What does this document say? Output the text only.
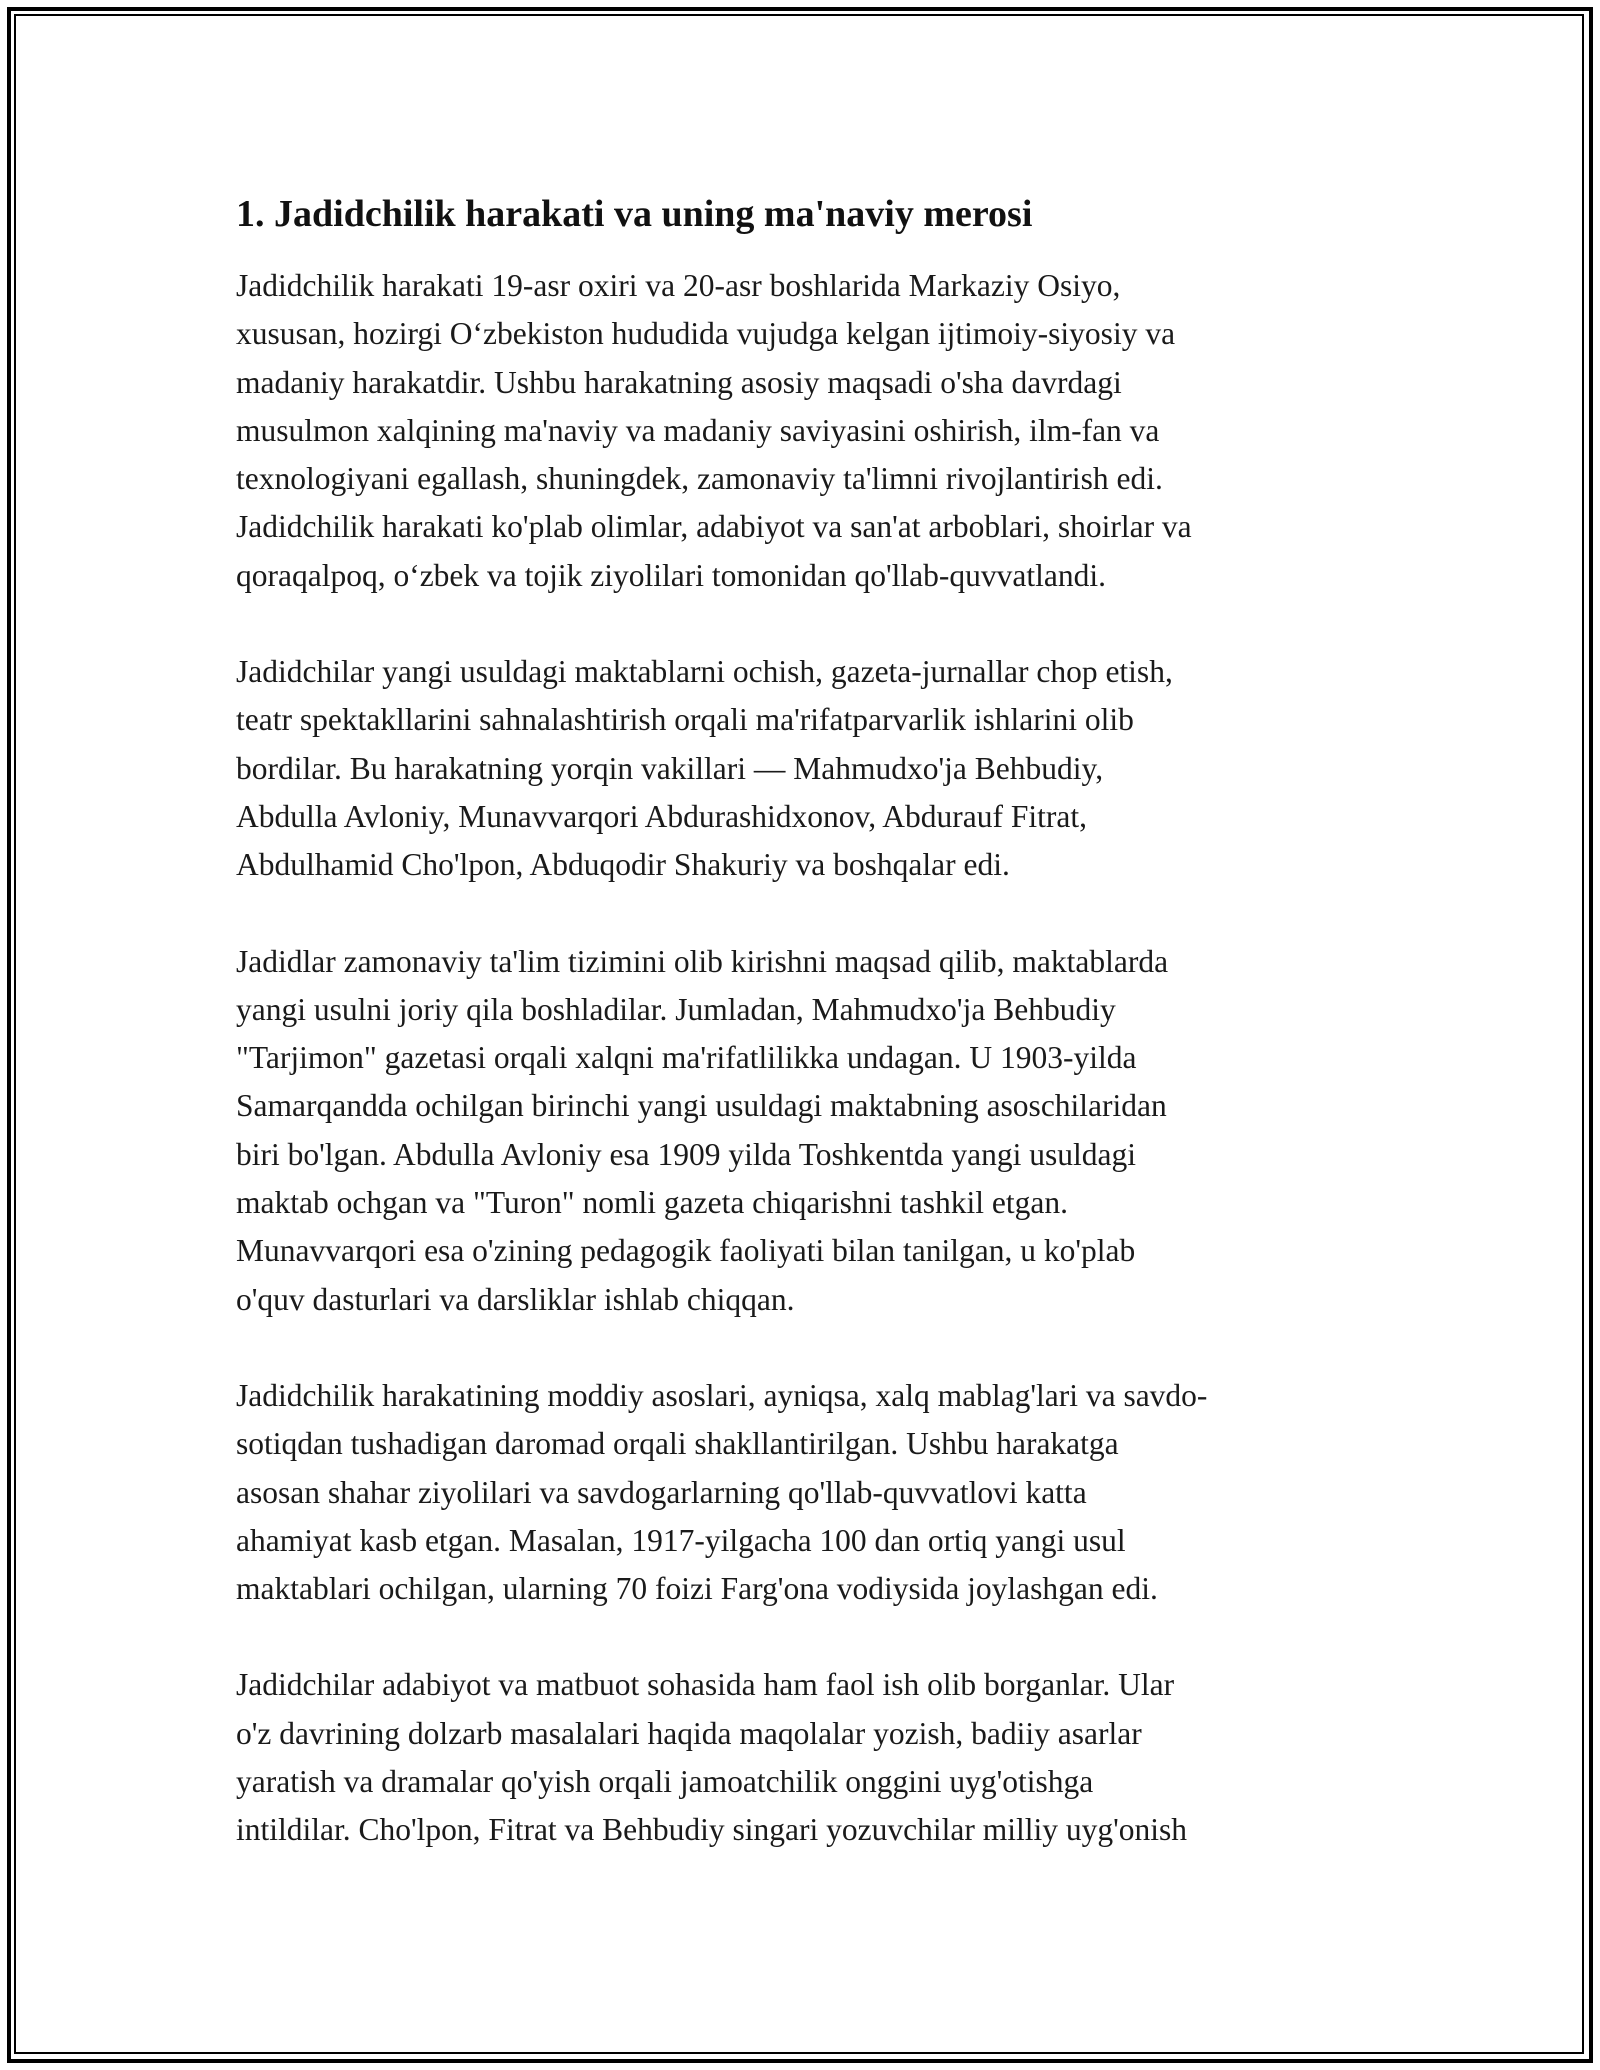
1. Jadidchilik harakati va uning ma'naviy merosi

Jadidchilik harakati 19-asr oxiri va 20-asr boshlarida Markaziy Osiyo,
xususan, hozirgi O‘zbekiston hududida vujudga kelgan ijtimoiy-siyosiy va
madaniy harakatdir. Ushbu harakatning asosiy maqsadi o'sha davrdagi
musulmon xalqining ma'naviy va madaniy saviyasini oshirish, ilm-fan va
texnologiyani egallash, shuningdek, zamonaviy ta'limni rivojlantirish edi.
Jadidchilik harakati ko'plab olimlar, adabiyot va san'at arboblari, shoirlar va
qoraqalpoq, o‘zbek va tojik ziyolilari tomonidan qo'llab-quvvatlandi.

Jadidchilar yangi usuldagi maktablarni ochish, gazeta-jurnallar chop etish,
teatr spektakllarini sahnalashtirish orqali ma'rifatparvarlik ishlarini olib
bordilar. Bu harakatning yorqin vakillari — Mahmudxo'ja Behbudiy,
Abdulla Avloniy, Munavvarqori Abdurashidxonov, Abdurauf Fitrat,
Abdulhamid Cho'lpon, Abduqodir Shakuriy va boshqalar edi.

Jadidlar zamonaviy ta'lim tizimini olib kirishni maqsad qilib, maktablarda
yangi usulni joriy qila boshladilar. Jumladan, Mahmudxo'ja Behbudiy
"Tarjimon" gazetasi orqali xalqni ma'rifatlilikka undagan. U 1903-yilda
Samarqandda ochilgan birinchi yangi usuldagi maktabning asoschilaridan
biri bo'lgan. Abdulla Avloniy esa 1909 yilda Toshkentda yangi usuldagi
maktab ochgan va "Turon" nomli gazeta chiqarishni tashkil etgan.
Munavvarqori esa o'zining pedagogik faoliyati bilan tanilgan, u ko'plab
o'quv dasturlari va darsliklar ishlab chiqqan.

Jadidchilik harakatining moddiy asoslari, ayniqsa, xalq mablag'lari va savdo-
sotiqdan tushadigan daromad orqali shakllantirilgan. Ushbu harakatga
asosan shahar ziyolilari va savdogarlarning qo'llab-quvvatlovi katta
ahamiyat kasb etgan. Masalan, 1917-yilgacha 100 dan ortiq yangi usul
maktablari ochilgan, ularning 70 foizi Farg'ona vodiysida joylashgan edi.

Jadidchilar adabiyot va matbuot sohasida ham faol ish olib borganlar. Ular
o'z davrining dolzarb masalalari haqida maqolalar yozish, badiiy asarlar
yaratish va dramalar qo'yish orqali jamoatchilik onggini uyg'otishga
intildilar. Cho'lpon, Fitrat va Behbudiy singari yozuvchilar milliy uyg'onish
